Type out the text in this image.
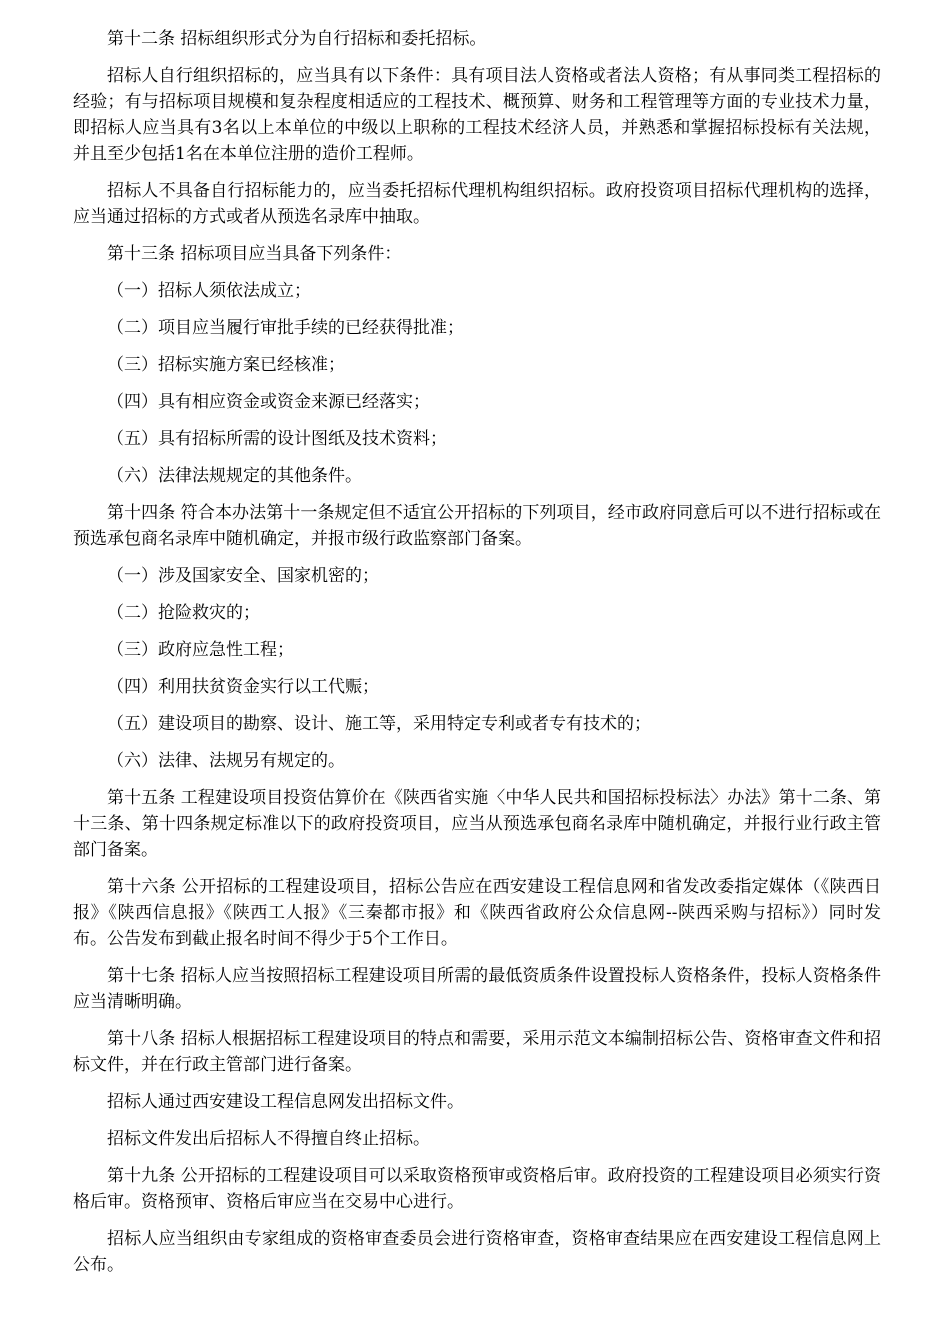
第十二条 招标组织形式分为自行招标和委托招标。

招标人自行组织招标的，应当具有以下条件：具有项目法人资格或者法人资格；有从事同类工程招标的经验；有与招标项目规模和复杂程度相适应的工程技术、概预算、财务和工程管理等方面的专业技术力量，即招标人应当具有3名以上本单位的中级以上职称的工程技术经济人员，并熟悉和掌握招标投标有关法规，并且至少包括1名在本单位注册的造价工程师。

招标人不具备自行招标能力的，应当委托招标代理机构组织招标。政府投资项目招标代理机构的选择，应当通过招标的方式或者从预选名录库中抽取。

第十三条 招标项目应当具备下列条件：

（一）招标人须依法成立；

（二）项目应当履行审批手续的已经获得批准；

（三）招标实施方案已经核准；

（四）具有相应资金或资金来源已经落实；

（五）具有招标所需的设计图纸及技术资料；

（六）法律法规规定的其他条件。

第十四条 符合本办法第十一条规定但不适宜公开招标的下列项目，经市政府同意后可以不进行招标或在预选承包商名录库中随机确定，并报市级行政监察部门备案。

（一）涉及国家安全、国家机密的；

（二）抢险救灾的；

（三）政府应急性工程；

（四）利用扶贫资金实行以工代赈；

（五）建设项目的勘察、设计、施工等，采用特定专利或者专有技术的；

（六）法律、法规另有规定的。

第十五条 工程建设项目投资估算价在《陕西省实施〈中华人民共和国招标投标法〉办法》第十二条、第十三条、第十四条规定标准以下的政府投资项目，应当从预选承包商名录库中随机确定，并报行业行政主管部门备案。

第十六条 公开招标的工程建设项目，招标公告应在西安建设工程信息网和省发改委指定媒体（《陕西日报》《陕西信息报》《陕西工人报》《三秦都市报》和《陕西省政府公众信息网--陕西采购与招标》）同时发布。公告发布到截止报名时间不得少于5个工作日。

第十七条 招标人应当按照招标工程建设项目所需的最低资质条件设置投标人资格条件，投标人资格条件应当清晰明确。

第十八条 招标人根据招标工程建设项目的特点和需要，采用示范文本编制招标公告、资格审查文件和招标文件，并在行政主管部门进行备案。

招标人通过西安建设工程信息网发出招标文件。

招标文件发出后招标人不得擅自终止招标。

第十九条 公开招标的工程建设项目可以采取资格预审或资格后审。政府投资的工程建设项目必须实行资格后审。资格预审、资格后审应当在交易中心进行。

招标人应当组织由专家组成的资格审查委员会进行资格审查，资格审查结果应在西安建设工程信息网上公布。
